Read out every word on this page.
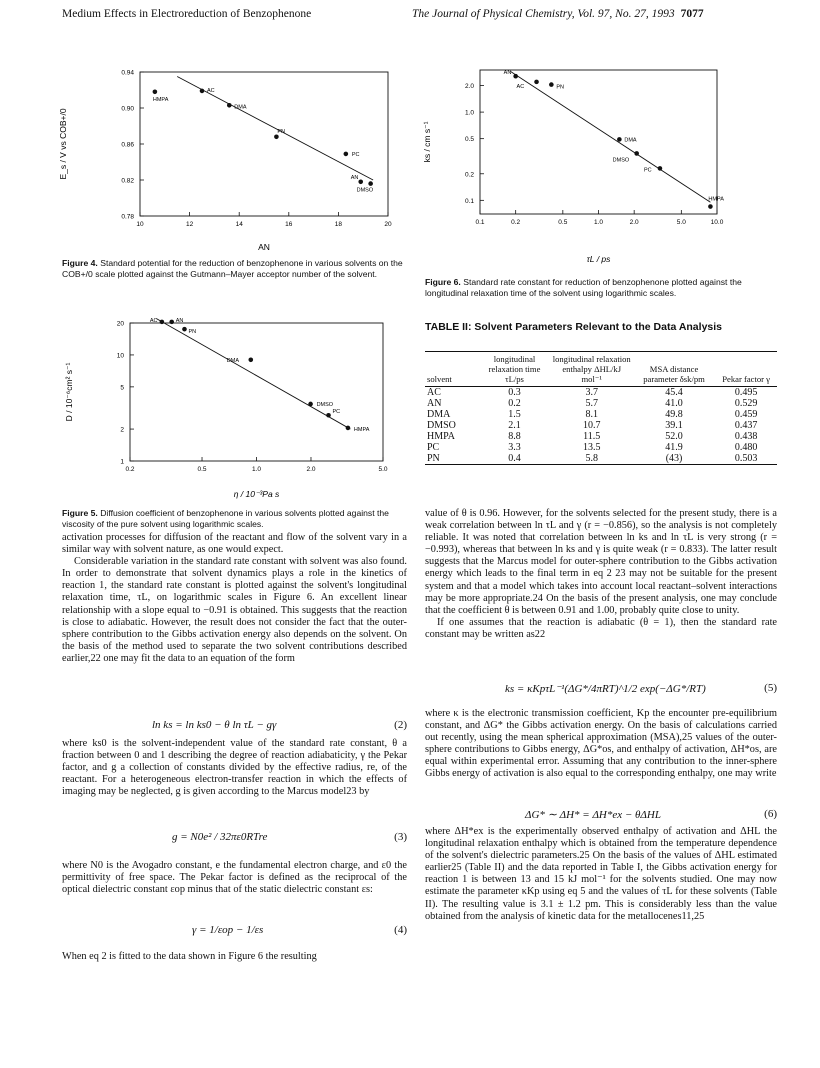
Medium Effects in Electroreduction of Benzophenone	The Journal of Physical Chemistry, Vol. 97, No. 27, 1993 7077
10	12	14	16	18	20
0.78
0.82
0.86
0.90
0.94
HMPA
AC
DMA
PN
PC
AN
DMSO
AN
E_s / V vs COB+/0
Figure 4. Standard potential for the reduction of benzophenone in various solvents on the COB+/0 scale plotted against the Gutmann–Mayer acceptor number of the solvent.
0.2	0.5	1.0	2.0	5.0
1
2
5
10
20	AC	AN
PN
DMA
DMSO
PC
HMPA
η / 10⁻³Pa s
D / 10⁻⁶cm² s⁻¹
Figure 5. Diffusion coefficient of benzophenone in various solvents plotted against the viscosity of the pure solvent using logarithmic scales.
0.1	0.2	0.5	1.0	2.0	5.0	10.0
0.1
0.2
0.5
1.0
2.0
AN
AC	PN
DMA
DMSO
PC
HMPA
τL / ps
ks / cm s⁻¹
Figure 6. Standard rate constant for reduction of benzophenone plotted against the longitudinal relaxation time of the solvent using logarithmic scales.
TABLE II: Solvent Parameters Relevant to the Data Analysis
solvent	longitudinal relaxation time τL/ps	longitudinal relaxation enthalpy ΔHL/kJ mol⁻¹	MSA distance parameter δsk/pm	Pekar factor γ
AC	0.3	3.7	45.4	0.495
AN	0.2	5.7	41.0	0.529
DMA	1.5	8.1	49.8	0.459
DMSO	2.1	10.7	39.1	0.437
HMPA	8.8	11.5	52.0	0.438
PC	3.3	13.5	41.9	0.480
PN	0.4	5.8	(43)	0.503

activation processes for diffusion of the reactant and flow of the solvent vary in a similar way with solvent nature, as one would expect.

Considerable variation in the standard rate constant with solvent was also found. In order to demonstrate that solvent dynamics plays a role in the kinetics of reaction 1, the standard rate constant is plotted against the solvent's longitudinal relaxation time, τL, on logarithmic scales in Figure 6. An excellent linear relationship with a slope equal to −0.91 is obtained. This suggests that the reaction is close to adiabatic. However, the result does not consider the fact that the outer-sphere contribution to the Gibbs activation energy also depends on the solvent. On the basis of the method used to separate the two solvent contributions described earlier,22 one may fit the data to an equation of the form

ln ks = ln ks0 − θ ln τL − gγ	(2)

where ks0 is the solvent-independent value of the standard rate constant, θ a fraction between 0 and 1 describing the degree of reaction adiabaticity, γ the Pekar factor, and g a collection of constants divided by the effective radius, re, of the reactant. For a heterogeneous electron-transfer reaction in which the effects of imaging may be neglected, g is given according to the Marcus model23 by

g = N0e² / 32πε0RTre	(3)

where N0 is the Avogadro constant, e the fundamental electron charge, and ε0 the permittivity of free space. The Pekar factor is defined as the reciprocal of the optical dielectric constant εop minus that of the static dielectric constant εs:

γ = 1/εop − 1/εs	(4)

When eq 2 is fitted to the data shown in Figure 6 the resulting

value of θ is 0.96. However, for the solvents selected for the present study, there is a weak correlation between ln τL and γ (r = −0.856), so the analysis is not completely reliable. It was noted that correlation between ln ks and ln τL is very strong (r = −0.993), whereas that between ln ks and γ is quite weak (r = 0.833). The latter result suggests that the Marcus model for outer-sphere contribution to the Gibbs activation energy which leads to the final term in eq 2 23 may not be suitable for the present system and that a model which takes into account local reactant–solvent interactions may be more appropriate.24 On the basis of the present analysis, one may conclude that the coefficient θ is between 0.91 and 1.00, probably quite close to unity.

If one assumes that the reaction is adiabatic (θ = 1), then the standard rate constant may be written as22

ks = κKpτL⁻¹(ΔG*/4πRT)^1/2 exp(−ΔG*/RT)	(5)

where κ is the electronic transmission coefficient, Kp the encounter pre-equilibrium constant, and ΔG* the Gibbs activation energy. On the basis of calculations carried out recently, using the mean spherical approximation (MSA),25 values of the outer-sphere contributions to Gibbs energy, ΔG*os, and enthalpy of activation, ΔH*os, are equal within experimental error. Assuming that any contribution to the inner-sphere Gibbs energy of activation is also equal to the corresponding enthalpy, one may write

ΔG* ∼ ΔH* = ΔH*ex − θΔHL	(6)

where ΔH*ex is the experimentally observed enthalpy of activation and ΔHL the longitudinal relaxation enthalpy which is obtained from the temperature dependence of the solvent's dielectric parameters.25 On the basis of the values of ΔHL estimated earlier25 (Table II) and the data reported in Table I, the Gibbs activation energy for reaction 1 is between 13 and 15 kJ mol⁻¹ for the solvents studied. One may now estimate the parameter κKp using eq 5 and the values of τL for these solvents (Table II). The resulting value is 3.1 ± 1.2 pm. This is considerably less than the value obtained from the analysis of kinetic data for the metallocenes11,25
